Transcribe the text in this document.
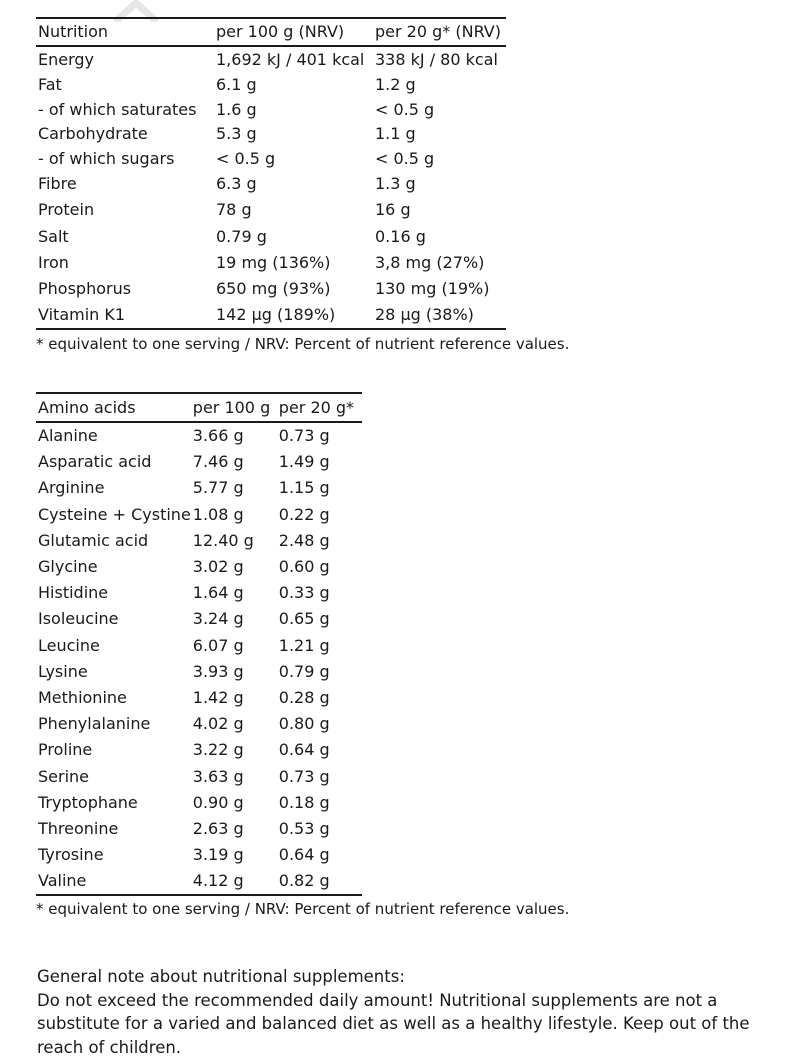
Nutrition	per 100 g (NRV)	per 20 g* (NRV)
Energy	1,692 kJ / 401 kcal	338 kJ / 80 kcal
Fat	6.1 g	1.2 g
- of which saturates	1.6 g	< 0.5 g
Carbohydrate	5.3 g	1.1 g
- of which sugars	< 0.5 g	< 0.5 g
Fibre	6.3 g	1.3 g
Protein	78 g	16 g
Salt	0.79 g	0.16 g
Iron	19 mg (136%)	3,8 mg (27%)
Phosphorus	650 mg (93%)	130 mg (19%)
Vitamin K1	142 µg (189%)	28 µg (38%)
* equivalent to one serving / NRV: Percent of nutrient reference values.
Amino acids	per 100 g	per 20 g*
Alanine	3.66 g	0.73 g
Asparatic acid	7.46 g	1.49 g
Arginine	5.77 g	1.15 g
Cysteine + Cystine	1.08 g	0.22 g
Glutamic acid	12.40 g	2.48 g
Glycine	3.02 g	0.60 g
Histidine	1.64 g	0.33 g
Isoleucine	3.24 g	0.65 g
Leucine	6.07 g	1.21 g
Lysine	3.93 g	0.79 g
Methionine	1.42 g	0.28 g
Phenylalanine	4.02 g	0.80 g
Proline	3.22 g	0.64 g
Serine	3.63 g	0.73 g
Tryptophane	0.90 g	0.18 g
Threonine	2.63 g	0.53 g
Tyrosine	3.19 g	0.64 g
Valine	4.12 g	0.82 g
* equivalent to one serving / NRV: Percent of nutrient reference values.

General note about nutritional supplements:

Do not exceed the recommended daily amount! Nutritional supplements are not a substitute for a varied and balanced diet as well as a healthy lifestyle. Keep out of the reach of children.
